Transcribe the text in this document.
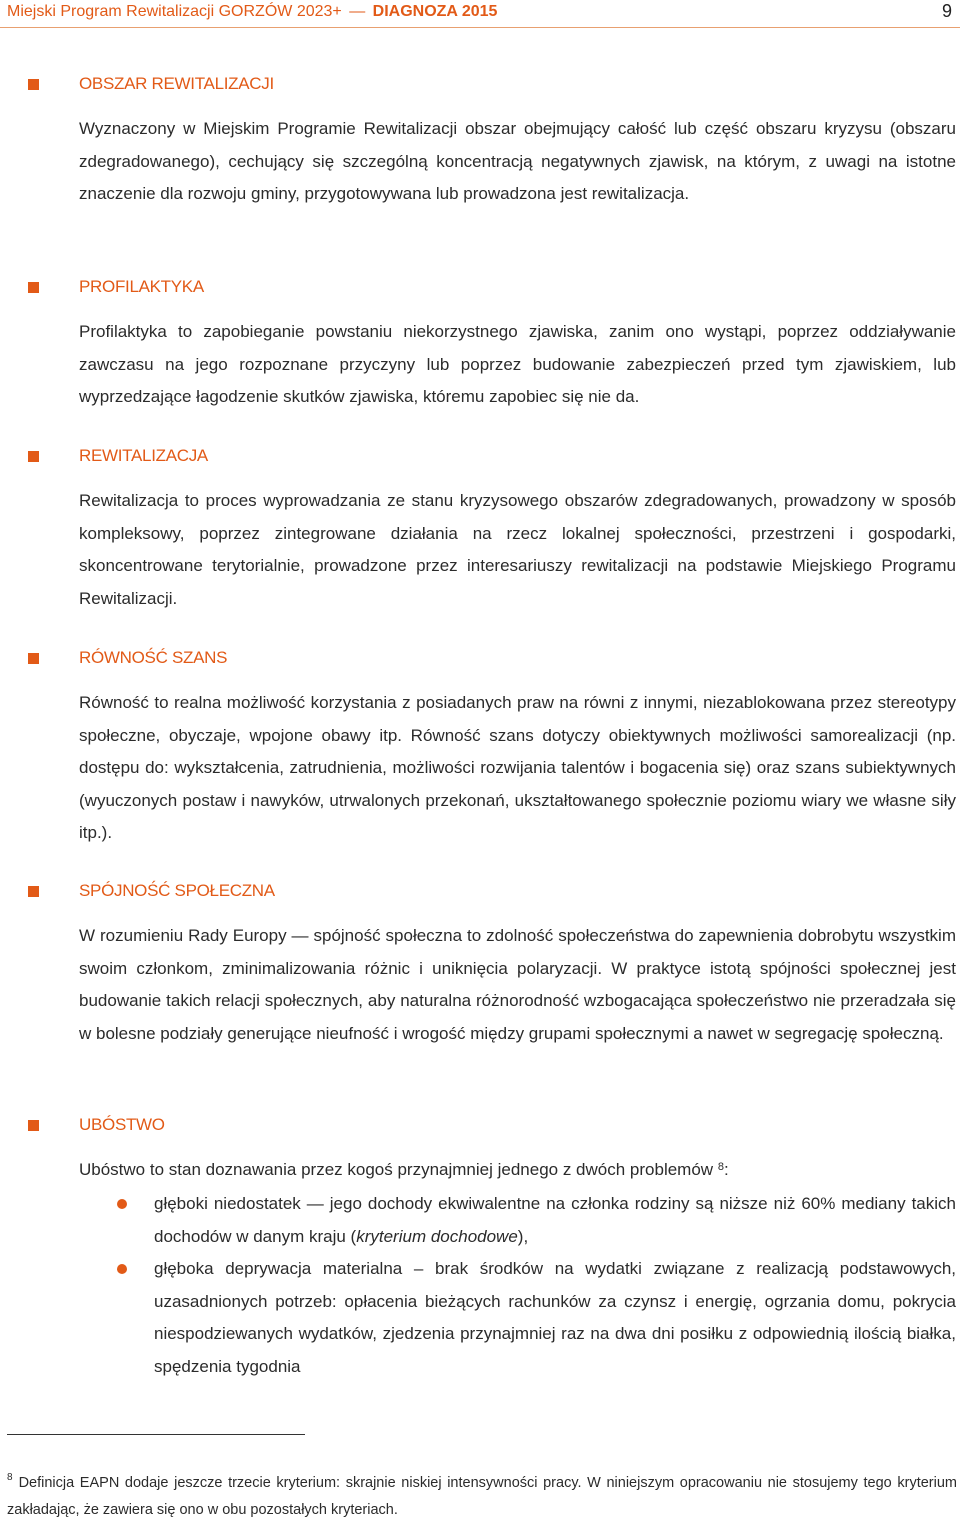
Miejski Program Rewitalizacji GORZÓW 2023+ — DIAGNOZA 2015	9
OBSZAR REWITALIZACJI
Wyznaczony w Miejskim Programie Rewitalizacji obszar obejmujący całość lub część obszaru kryzysu (obszaru zdegradowanego), cechujący się szczególną koncentracją negatywnych zjawisk, na którym, z uwagi na istotne znaczenie dla rozwoju gminy, przygotowywana lub prowadzona jest rewitalizacja.
PROFILAKTYKA
Profilaktyka to zapobieganie powstaniu niekorzystnego zjawiska, zanim ono wystąpi, poprzez oddziaływanie zawczasu na jego rozpoznane przyczyny lub poprzez budowanie zabezpieczeń przed tym zjawiskiem, lub wyprzedzające łagodzenie skutków zjawiska, któremu zapobiec się nie da.
REWITALIZACJA
Rewitalizacja to proces wyprowadzania ze stanu kryzysowego obszarów zdegradowanych, prowadzony w sposób kompleksowy, poprzez zintegrowane działania na rzecz lokalnej społeczności, przestrzeni i gospodarki, skoncentrowane terytorialnie, prowadzone przez interesariuszy rewitalizacji na podstawie Miejskiego Programu Rewitalizacji.
RÓWNOŚĆ SZANS
Równość to realna możliwość korzystania z posiadanych praw na równi z innymi, niezablokowana przez stereotypy społeczne, obyczaje, wpojone obawy itp. Równość szans dotyczy obiektywnych możliwości samorealizacji (np. dostępu do: wykształcenia, zatrudnienia, możliwości rozwijania talentów i bogacenia się) oraz szans subiektywnych (wyuczonych postaw i nawyków, utrwalonych przekonań, ukształtowanego społecznie poziomu wiary we własne siły itp.).
SPÓJNOŚĆ SPOŁECZNA
W rozumieniu Rady Europy — spójność społeczna to zdolność społeczeństwa do zapewnienia dobrobytu wszystkim swoim członkom, zminimalizowania różnic i uniknięcia polaryzacji. W praktyce istotą spójności społecznej jest budowanie takich relacji społecznych, aby naturalna różnorodność wzbogacająca społeczeństwo nie przeradzała się w bolesne podziały generujące nieufność i wrogość między grupami społecznymi a nawet w segregację społeczną.
UBÓSTWO
Ubóstwo to stan doznawania przez kogoś przynajmniej jednego z dwóch problemów $^8$:
głęboki niedostatek — jego dochody ekwiwalentne na członka rodziny są niższe niż 60% mediany takich dochodów w danym kraju (kryterium dochodowe),
głęboka deprywacja materialna – brak środków na wydatki związane z realizacją podstawowych, uzasadnionych potrzeb: opłacenia bieżących rachunków za czynsz i energię, ogrzania domu, pokrycia niespodziewanych wydatków, zjedzenia przynajmniej raz na dwa dni posiłku z odpowiednią ilością białka, spędzenia tygodnia
$^8$ Definicja EAPN dodaje jeszcze trzecie kryterium: skrajnie niskiej intensywności pracy. W niniejszym opracowaniu nie stosujemy tego kryterium zakładając, że zawiera się ono w obu pozostałych kryteriach.
